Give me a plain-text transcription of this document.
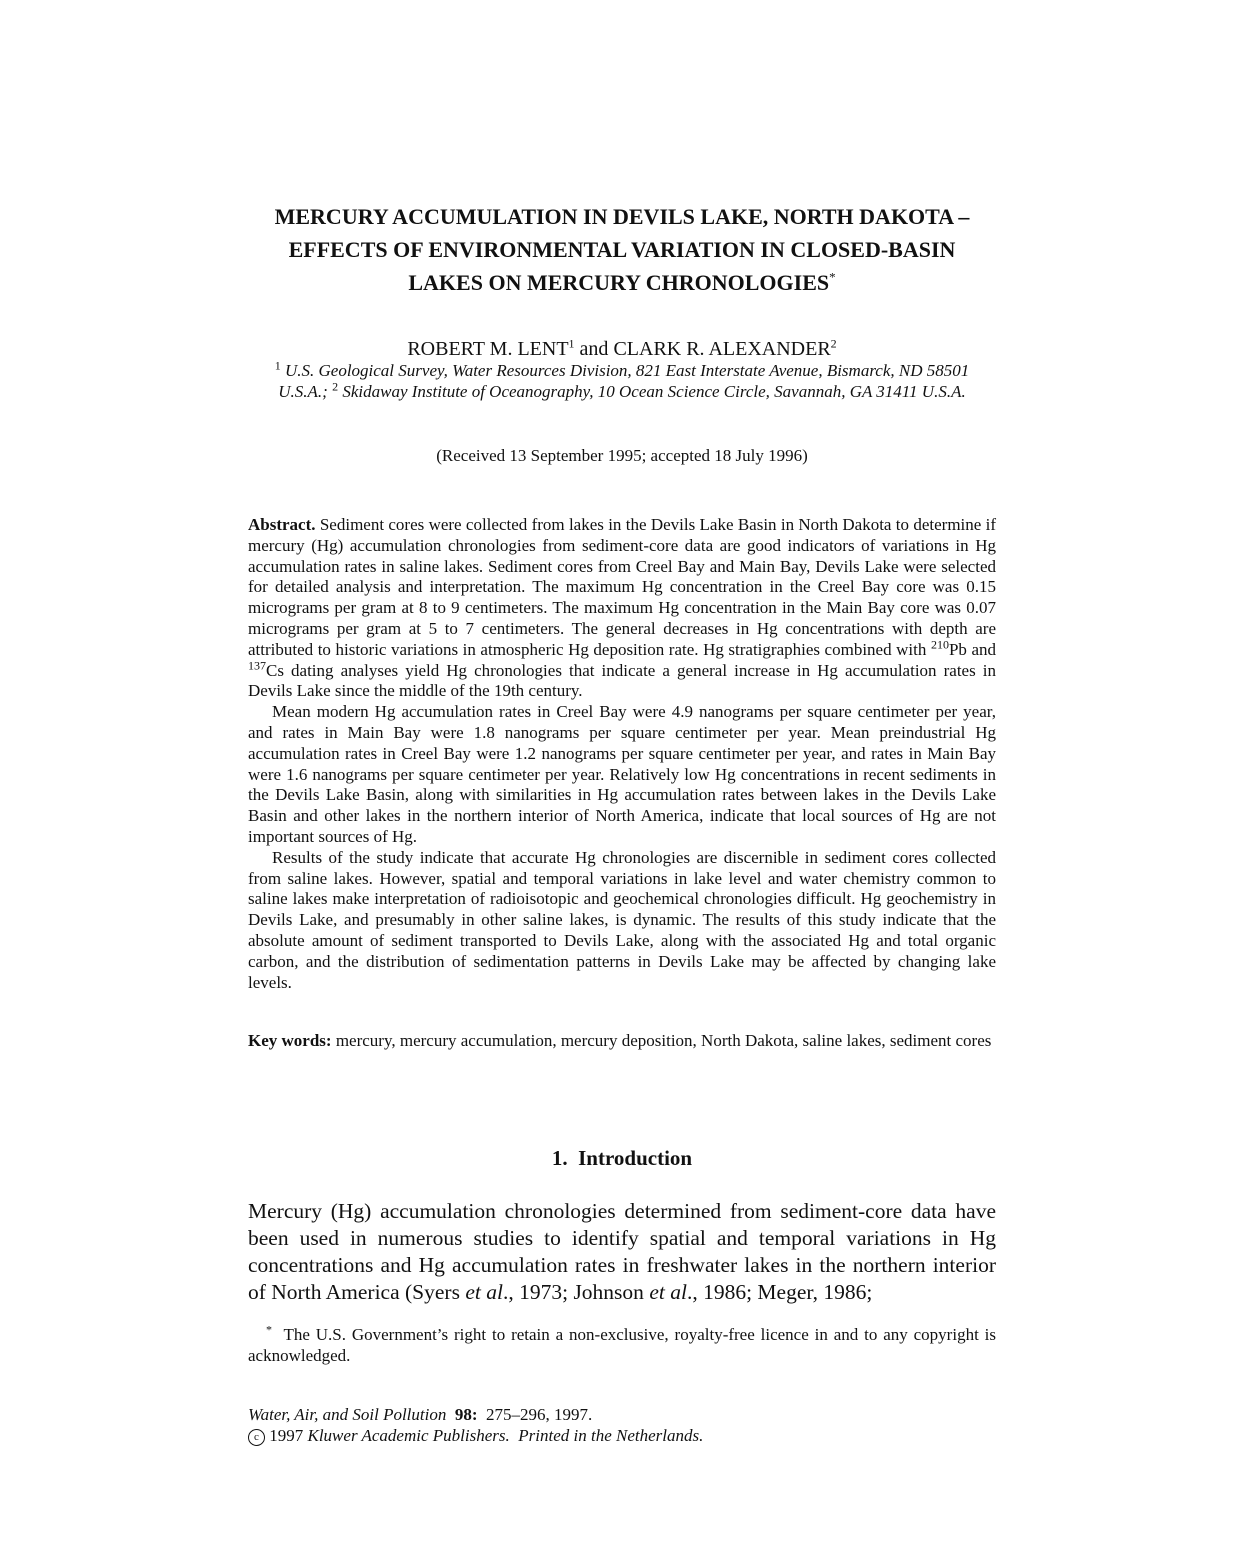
MERCURY ACCUMULATION IN DEVILS LAKE, NORTH DAKOTA –
EFFECTS OF ENVIRONMENTAL VARIATION IN CLOSED-BASIN
LAKES ON MERCURY CHRONOLOGIES*
ROBERT M. LENT$^1$ and CLARK R. ALEXANDER$^2$
$^1$ U.S. Geological Survey, Water Resources Division, 821 East Interstate Avenue, Bismarck, ND 58501 U.S.A.; $^2$ Skidaway Institute of Oceanography, 10 Ocean Science Circle, Savannah, GA 31411 U.S.A.
(Received 13 September 1995; accepted 18 July 1996)

Abstract. Sediment cores were collected from lakes in the Devils Lake Basin in North Dakota to determine if mercury (Hg) accumulation chronologies from sediment-core data are good indicators of variations in Hg accumulation rates in saline lakes. Sediment cores from Creel Bay and Main Bay, Devils Lake were selected for detailed analysis and interpretation. The maximum Hg concentration in the Creel Bay core was 0.15 micrograms per gram at 8 to 9 centimeters. The maximum Hg concentration in the Main Bay core was 0.07 micrograms per gram at 5 to 7 centimeters. The general decreases in Hg concentrations with depth are attributed to historic variations in atmospheric Hg deposition rate. Hg stratigraphies combined with $^{210}$Pb and $^{137}$Cs dating analyses yield Hg chronologies that indicate a general increase in Hg accumulation rates in Devils Lake since the middle of the 19th century.

Mean modern Hg accumulation rates in Creel Bay were 4.9 nanograms per square centimeter per year, and rates in Main Bay were 1.8 nanograms per square centimeter per year. Mean preindustrial Hg accumulation rates in Creel Bay were 1.2 nanograms per square centimeter per year, and rates in Main Bay were 1.6 nanograms per square centimeter per year. Relatively low Hg concentrations in recent sediments in the Devils Lake Basin, along with similarities in Hg accumulation rates between lakes in the Devils Lake Basin and other lakes in the northern interior of North America, indicate that local sources of Hg are not important sources of Hg.

Results of the study indicate that accurate Hg chronologies are discernible in sediment cores collected from saline lakes. However, spatial and temporal variations in lake level and water chemistry common to saline lakes make interpretation of radioisotopic and geochemical chronologies difficult. Hg geochemistry in Devils Lake, and presumably in other saline lakes, is dynamic. The results of this study indicate that the absolute amount of sediment transported to Devils Lake, along with the associated Hg and total organic carbon, and the distribution of sedimentation patterns in Devils Lake may be affected by changing lake levels.

Key words: mercury, mercury accumulation, mercury deposition, North Dakota, saline lakes, sediment cores
1. Introduction

Mercury (Hg) accumulation chronologies determined from sediment-core data have been used in numerous studies to identify spatial and temporal variations in Hg concentrations and Hg accumulation rates in freshwater lakes in the northern interior of North America (Syers et al., 1973; Johnson et al., 1986; Meger, 1986;

* The U.S. Government’s right to retain a non-exclusive, royalty-free licence in and to any copyright is acknowledged.

Water, Air, and Soil Pollution 98: 275–296, 1997.
c 1997 Kluwer Academic Publishers. Printed in the Netherlands.
